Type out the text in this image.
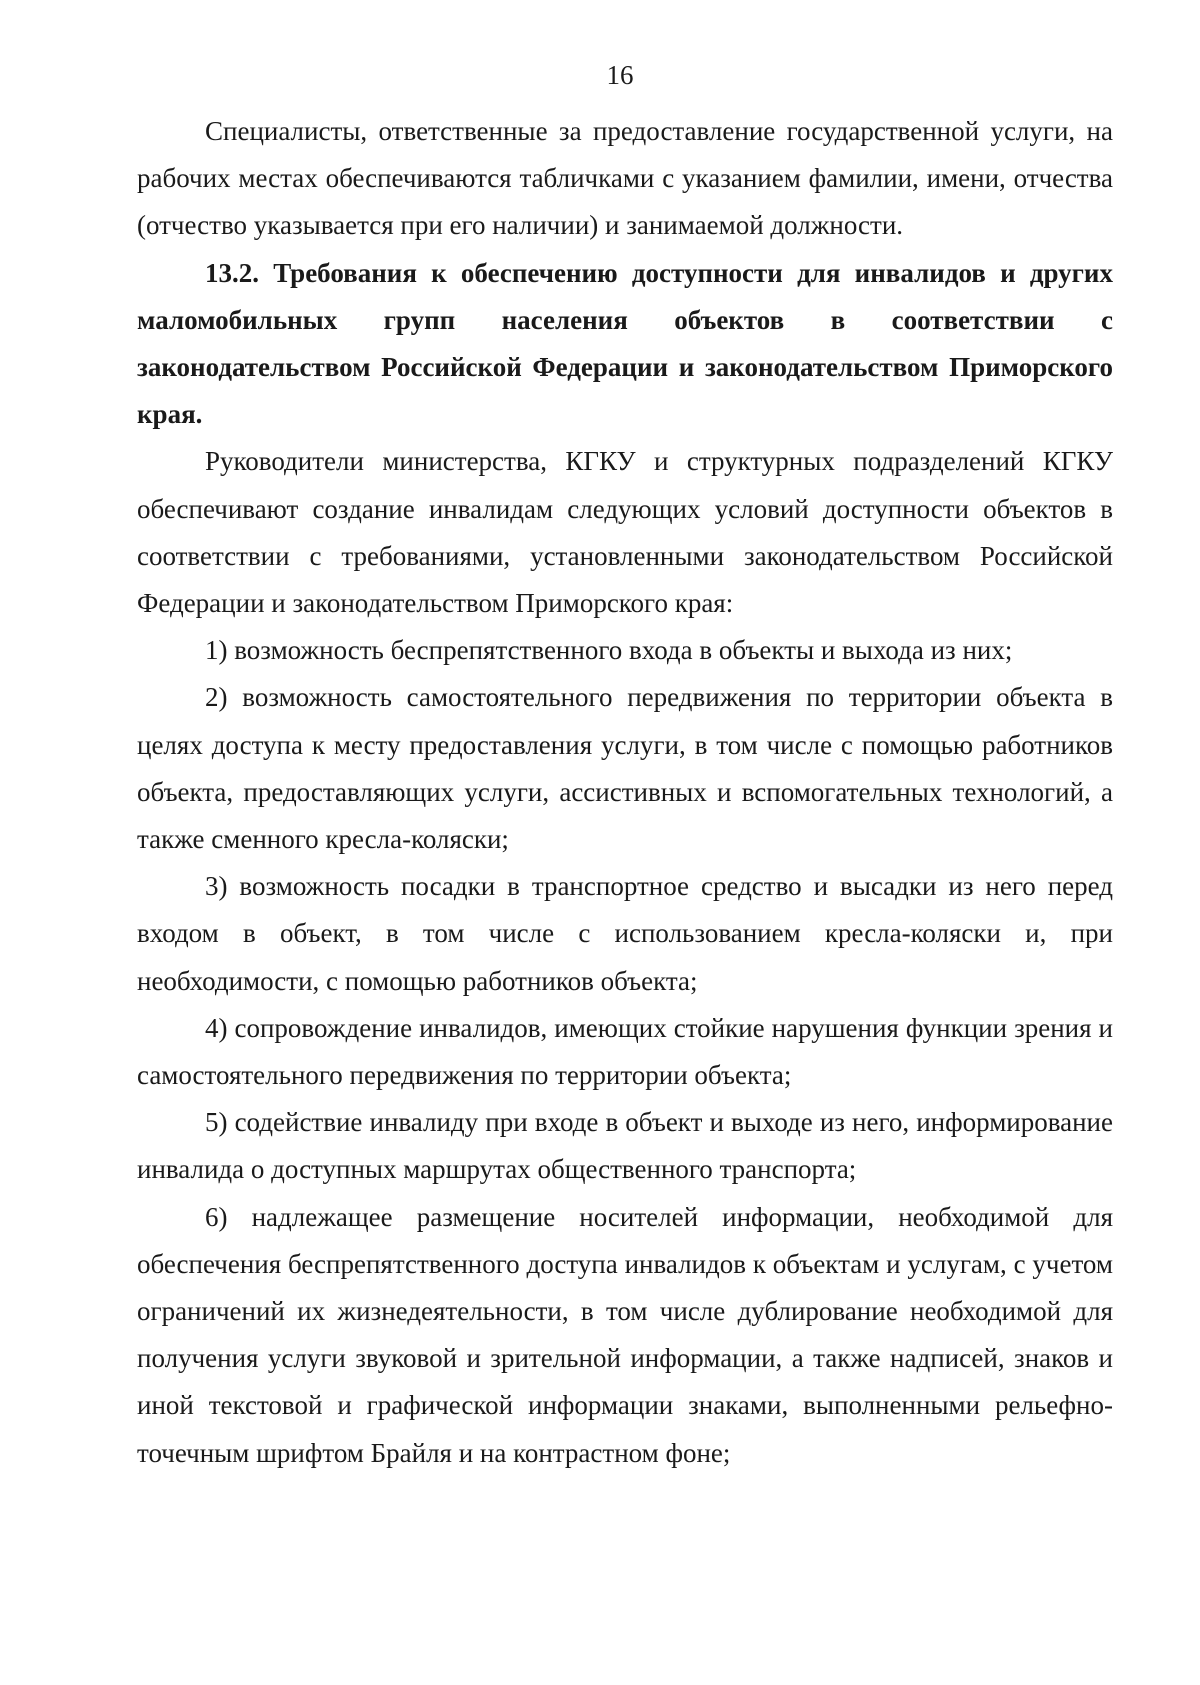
16

Специалисты, ответственные за предоставление государственной услуги, на рабочих местах обеспечиваются табличками с указанием фамилии, имени, отчества (отчество указывается при его наличии) и занимаемой должности.

13.2. Требования к обеспечению доступности для инвалидов и других маломобильных групп населения объектов в соответствии с законодательством Российской Федерации и законодательством Приморского края.

Руководители министерства, КГКУ и структурных подразделений КГКУ обеспечивают создание инвалидам следующих условий доступности объектов в соответствии с требованиями, установленными законодательством Российской Федерации и законодательством Приморского края:

1) возможность беспрепятственного входа в объекты и выхода из них;

2) возможность самостоятельного передвижения по территории объекта в целях доступа к месту предоставления услуги, в том числе с помощью работников объекта, предоставляющих услуги, ассистивных и вспомогательных технологий, а также сменного кресла-коляски;

3) возможность посадки в транспортное средство и высадки из него перед входом в объект, в том числе с использованием кресла-коляски и, при необходимости, с помощью работников объекта;

4) сопровождение инвалидов, имеющих стойкие нарушения функции зрения и самостоятельного передвижения по территории объекта;

5) содействие инвалиду при входе в объект и выходе из него, информирование инвалида о доступных маршрутах общественного транспорта;

6) надлежащее размещение носителей информации, необходимой для обеспечения беспрепятственного доступа инвалидов к объектам и услугам, с учетом ограничений их жизнедеятельности, в том числе дублирование необходимой для получения услуги звуковой и зрительной информации, а также надписей, знаков и иной текстовой и графической информации знаками, выполненными рельефно-точечным шрифтом Брайля и на контрастном фоне;
